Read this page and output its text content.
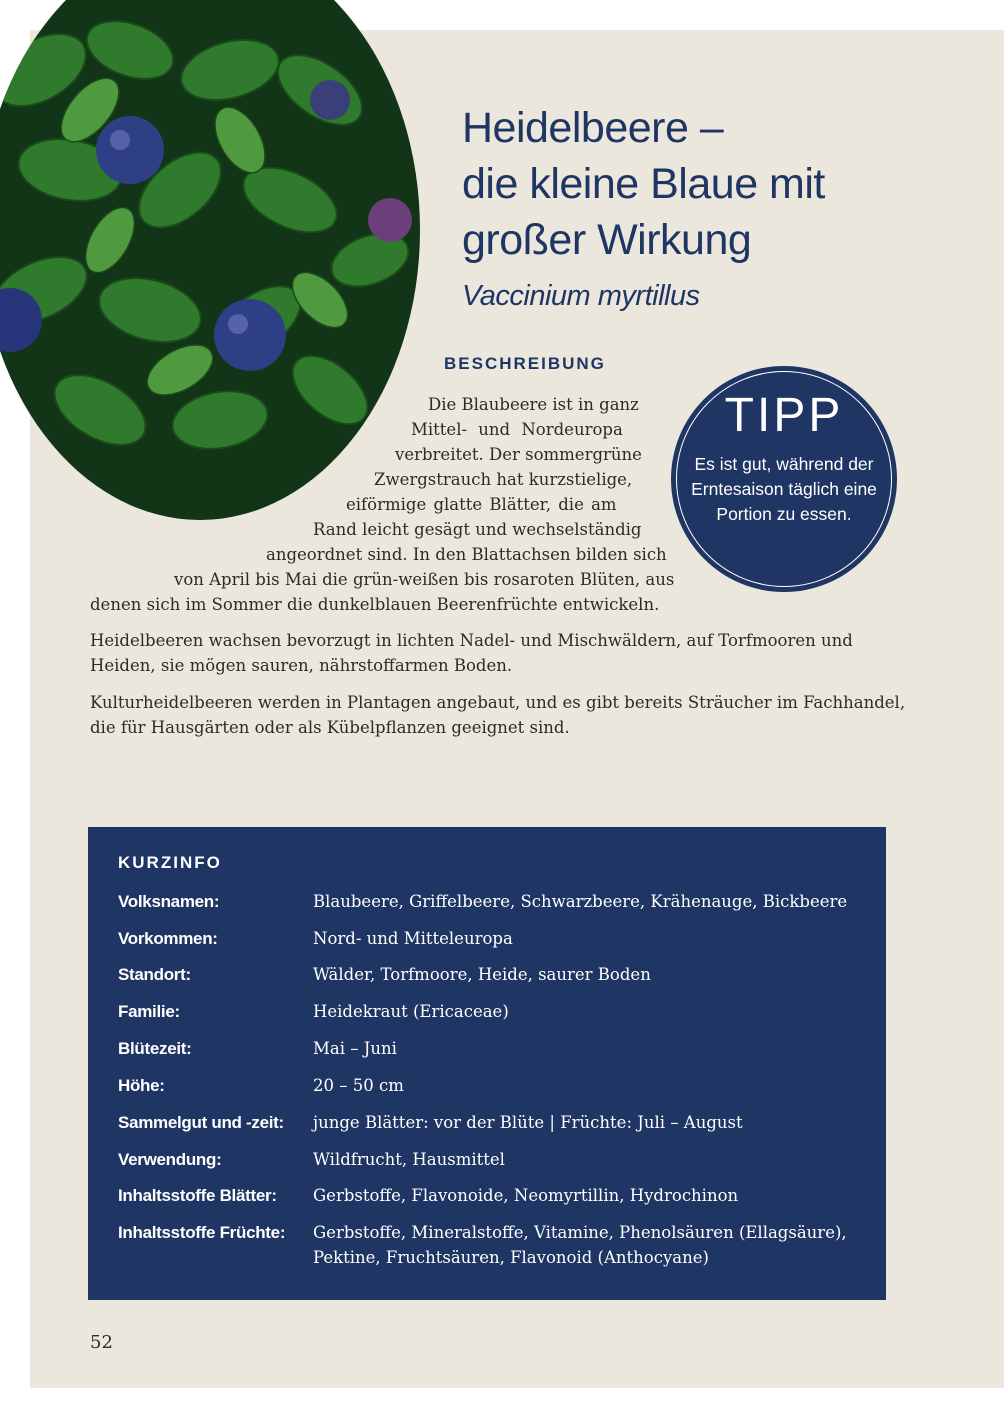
Heidelbeere –
die kleine Blaue mit
großer Wirkung
Vaccinium myrtillus
BESCHREIBUNG
Die Blaubeere ist in ganz
Mittel- und Nordeuropa
verbreitet. Der sommergrüne
Zwergstrauch hat kurzstielige,
eiförmige glatte Blätter, die am
Rand leicht gesägt und wechselständig
angeordnet sind. In den Blattachsen bilden sich
von April bis Mai die grün-weißen bis rosaroten Blüten, aus
denen sich im Sommer die dunkelblauen Beerenfrüchte entwickeln.
Heidelbeeren wachsen bevorzugt in lichten Nadel- und Mischwäldern, auf Torfmooren und Heiden, sie mögen sauren, nährstoffarmen Boden.
Kulturheidelbeeren werden in Plantagen angebaut, und es gibt bereits Sträucher im Fachhandel, die für Hausgärten oder als Kübelpflanzen geeignet sind.
TIPP
Es ist gut, während der Erntesaison täglich eine Portion zu essen.
KURZINFO
Volksnamen:	Blaubeere, Griffelbeere, Schwarzbeere, Krähenauge, Bickbeere
Vorkommen:	Nord- und Mitteleuropa
Standort:	Wälder, Torfmoore, Heide, saurer Boden
Familie:	Heidekraut (Ericaceae)
Blütezeit:	Mai – Juni
Höhe:	20 – 50 cm
Sammelgut und -zeit:	junge Blätter: vor der Blüte | Früchte: Juli – August
Verwendung:	Wildfrucht, Hausmittel
Inhaltsstoffe Blätter:	Gerbstoffe, Flavonoide, Neomyrtillin, Hydrochinon
Inhaltsstoffe Früchte:	Gerbstoffe, Mineralstoffe, Vitamine, Phenolsäuren (Ellagsäure), Pektine, Fruchtsäuren, Flavonoid (Anthocyane)
52
